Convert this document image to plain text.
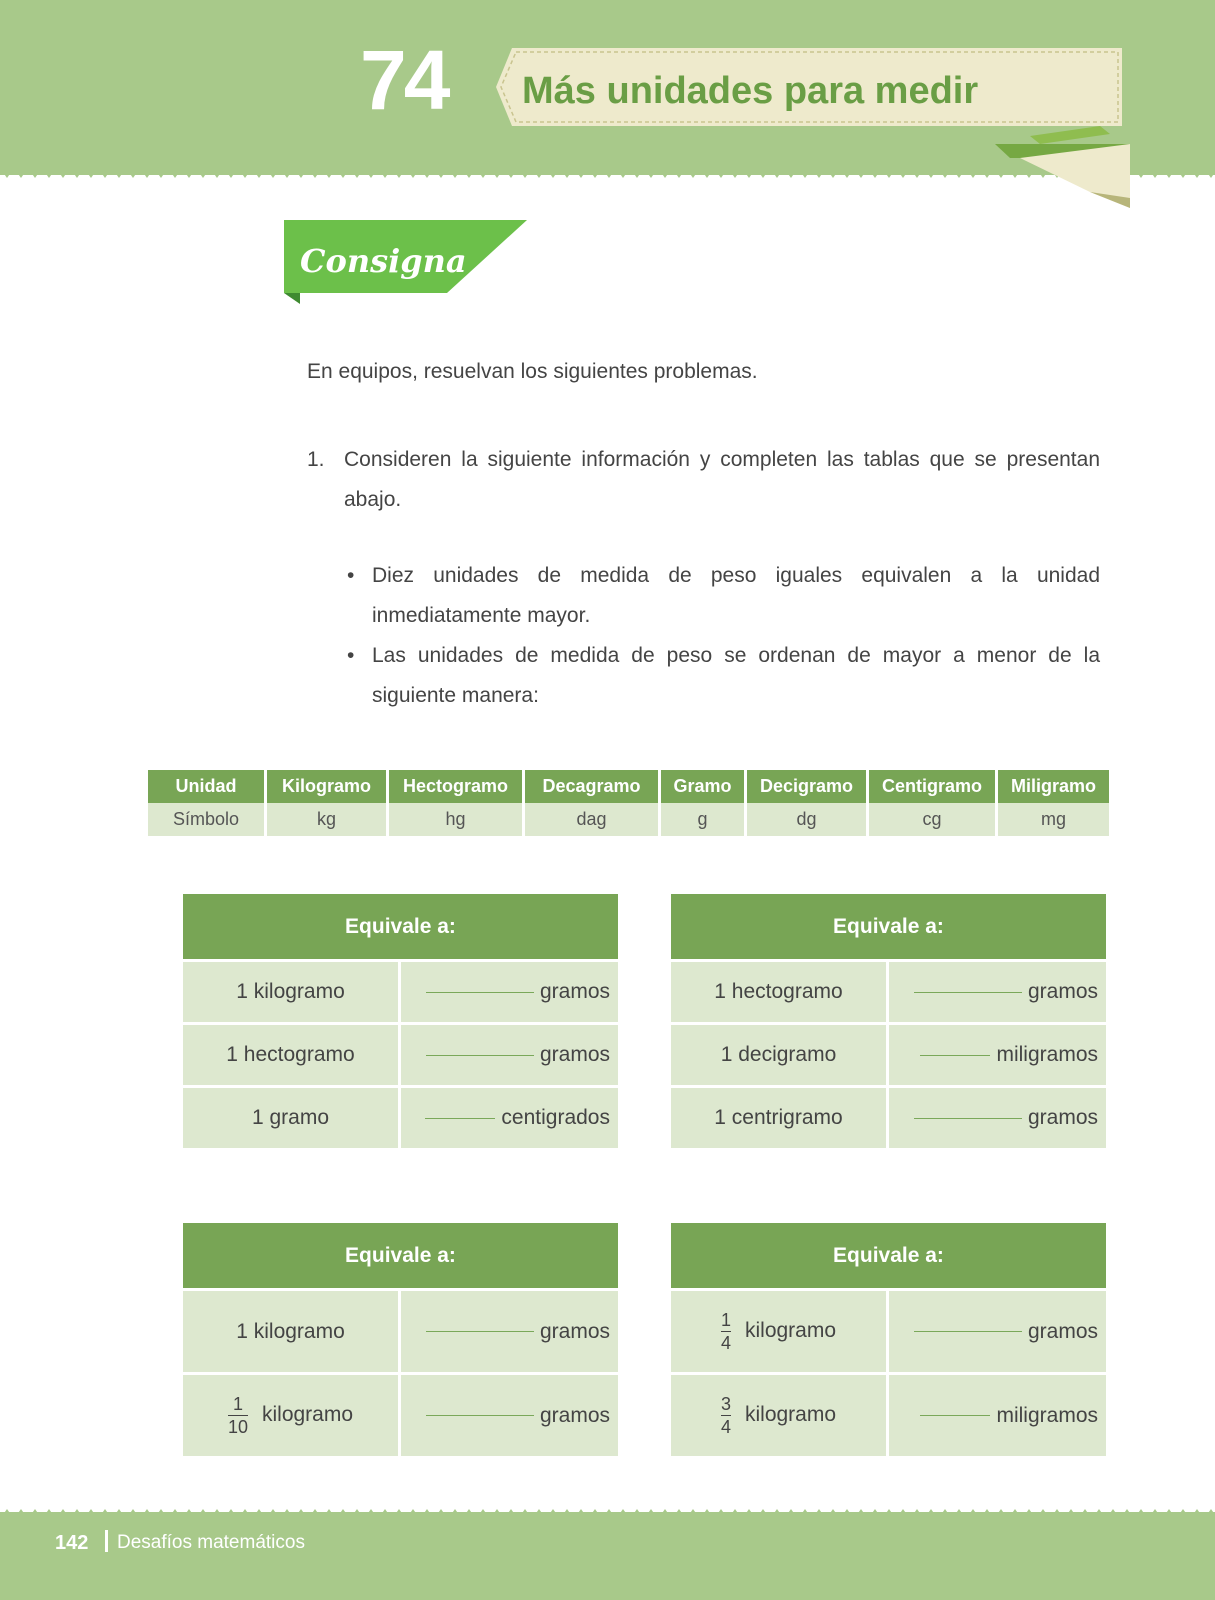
74 Más unidades para medir
Consigna
En equipos, resuelvan los siguientes problemas.
1. Consideren la siguiente información y completen las tablas que se presentan abajo.
• Diez unidades de medida de peso iguales equivalen a la unidad inmediatamente mayor.
• Las unidades de medida de peso se ordenan de mayor a menor de la siguiente manera:
Unidad	Kilogramo	Hectogramo	Decagramo	Gramo	Decigramo	Centigramo	Miligramo
Símbolo	kg	hg	dag	g	dg	cg	mg
Equivale a:	
1 kilogramo	gramos
1 hectogramo	gramos
1 gramo	centigrados
Equivale a:	
1 hectogramo	gramos
1 decigramo	miligramos
1 centrigramo	gramos
Equivale a:	
1 kilogramo	gramos

$\frac{1}{10}$ kilogramo	gramos
Equivale a:	

$\frac{1}{4}$ kilogramo	gramos

$\frac{3}{4}$ kilogramo	miligramos
142 Desafíos matemáticos
